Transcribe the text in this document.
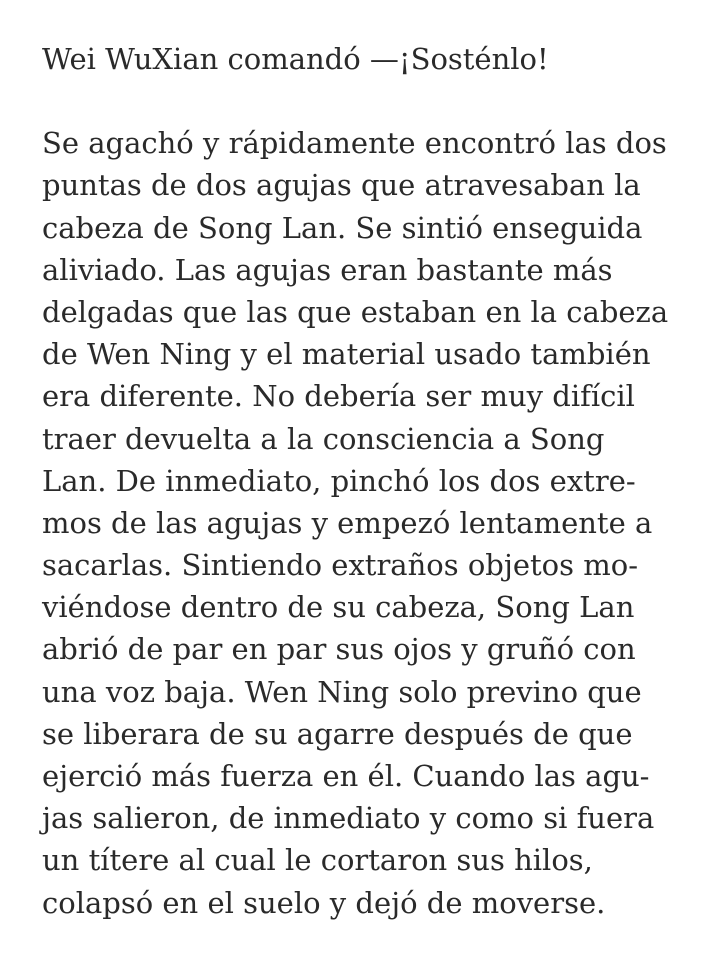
Wei WuXian comandó —¡Sosténlo!

Se agachó y rápidamente encontró las dos
puntas de dos agujas que atravesaban la
cabeza de Song Lan. Se sintió enseguida
aliviado. Las agujas eran bastante más
delgadas que las que estaban en la cabeza
de Wen Ning y el material usado también
era diferente. No debería ser muy difícil
traer devuelta a la consciencia a Song
Lan. De inmediato, pinchó los dos extre-
mos de las agujas y empezó lentamente a
sacarlas. Sintiendo extraños objetos mo-
viéndose dentro de su cabeza, Song Lan
abrió de par en par sus ojos y gruñó con
una voz baja. Wen Ning solo previno que
se liberara de su agarre después de que
ejerció más fuerza en él. Cuando las agu-
jas salieron, de inmediato y como si fuera
un títere al cual le cortaron sus hilos,
colapsó en el suelo y dejó de moverse.
